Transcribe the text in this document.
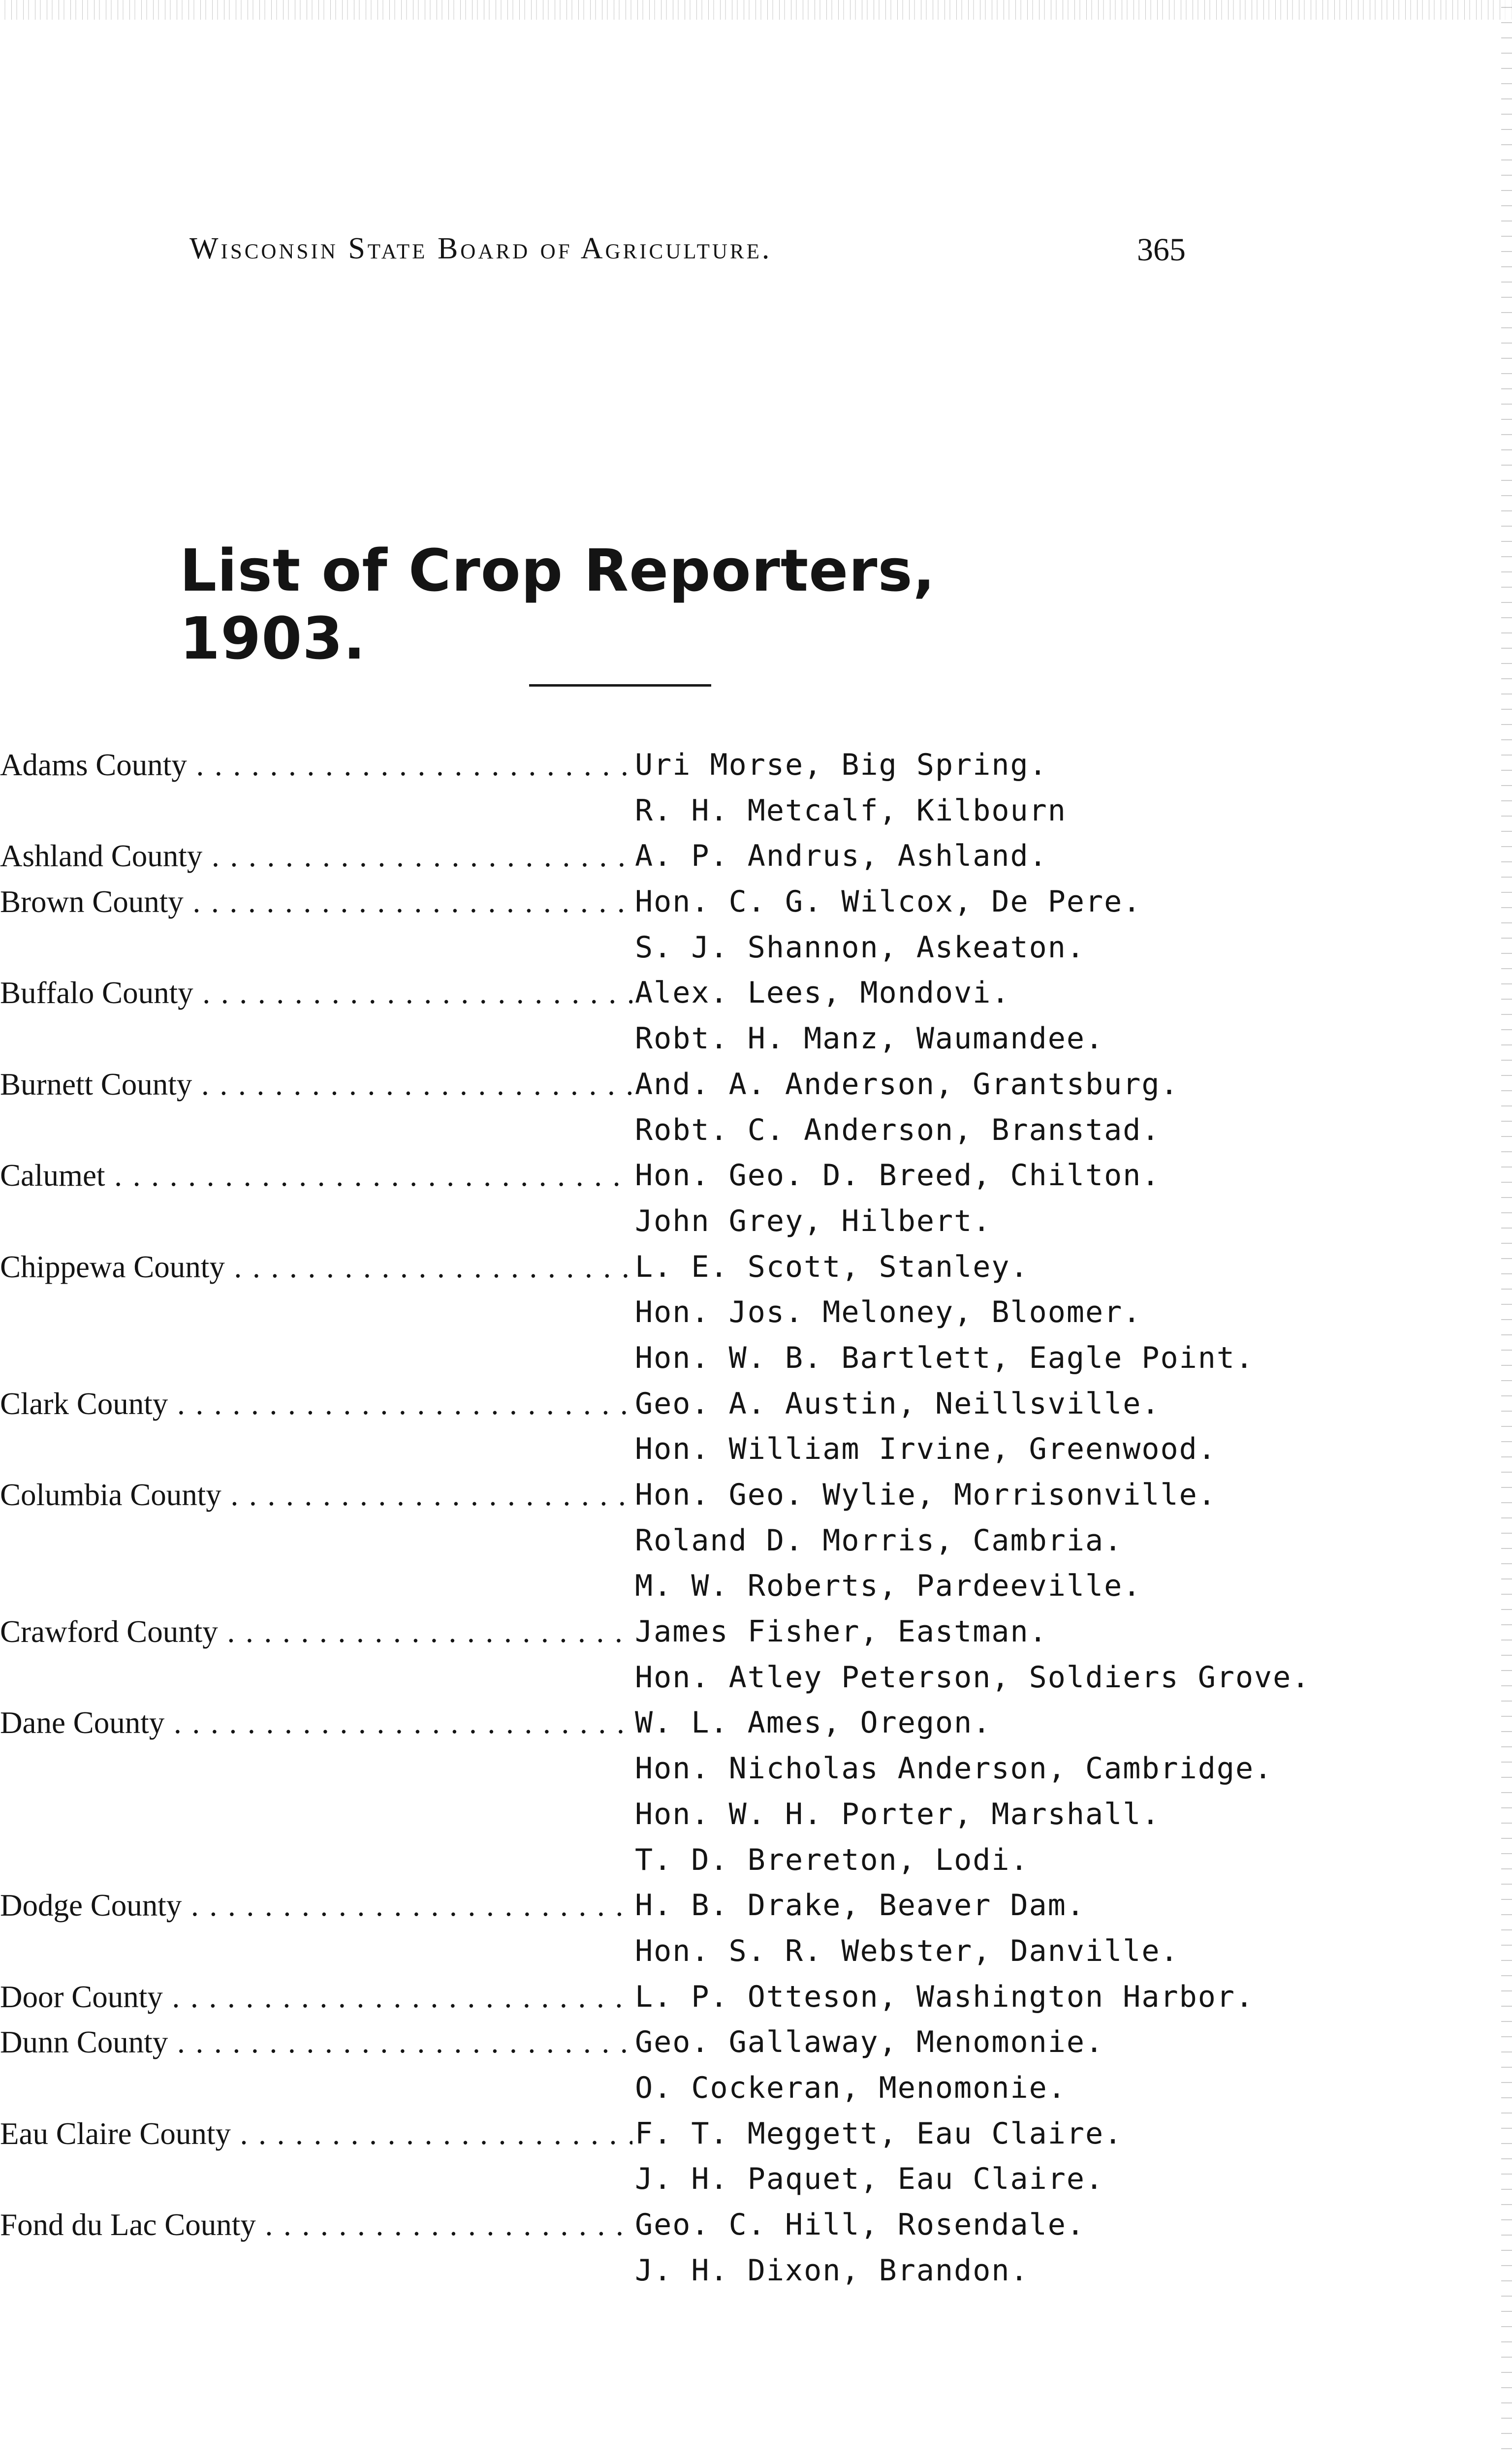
Wisconsin State Board of Agriculture.	365
List of Crop Reporters, 1903.
Adams County . . .	Uri Morse, Big Spring.
R. H. Metcalf, Kilbourn
Ashland County . . .	A. P. Andrus, Ashland.
Brown County . . .	Hon. C. G. Wilcox, De Pere.
S. J. Shannon, Askeaton.
Buffalo County . . .	Alex. Lees, Mondovi.
Robt. H. Manz, Waumandee.
Burnett County . . .	And. A. Anderson, Grantsburg.
Robt. C. Anderson, Branstad.
Calumet . . .	Hon. Geo. D. Breed, Chilton.
John Grey, Hilbert.
Chippewa County . . .	L. E. Scott, Stanley.
Hon. Jos. Meloney, Bloomer.
Hon. W. B. Bartlett, Eagle Point.
Clark County . . .	Geo. A. Austin, Neillsville.
Hon. William Irvine, Greenwood.
Columbia County . . .	Hon. Geo. Wylie, Morrisonville.
Roland D. Morris, Cambria.
M. W. Roberts, Pardeeville.
Crawford County . . .	James Fisher, Eastman.
Hon. Atley Peterson, Soldiers Grove.
Dane County . . .	W. L. Ames, Oregon.
Hon. Nicholas Anderson, Cambridge.
Hon. W. H. Porter, Marshall.
T. D. Brereton, Lodi.
Dodge County . . .	H. B. Drake, Beaver Dam.
Hon. S. R. Webster, Danville.
Door County . . .	L. P. Otteson, Washington Harbor.
Dunn County . . .	Geo. Gallaway, Menomonie.
O. Cockeran, Menomonie.
Eau Claire County . . .	F. T. Meggett, Eau Claire.
J. H. Paquet, Eau Claire.
Fond du Lac County . . .	Geo. C. Hill, Rosendale.
J. H. Dixon, Brandon.
